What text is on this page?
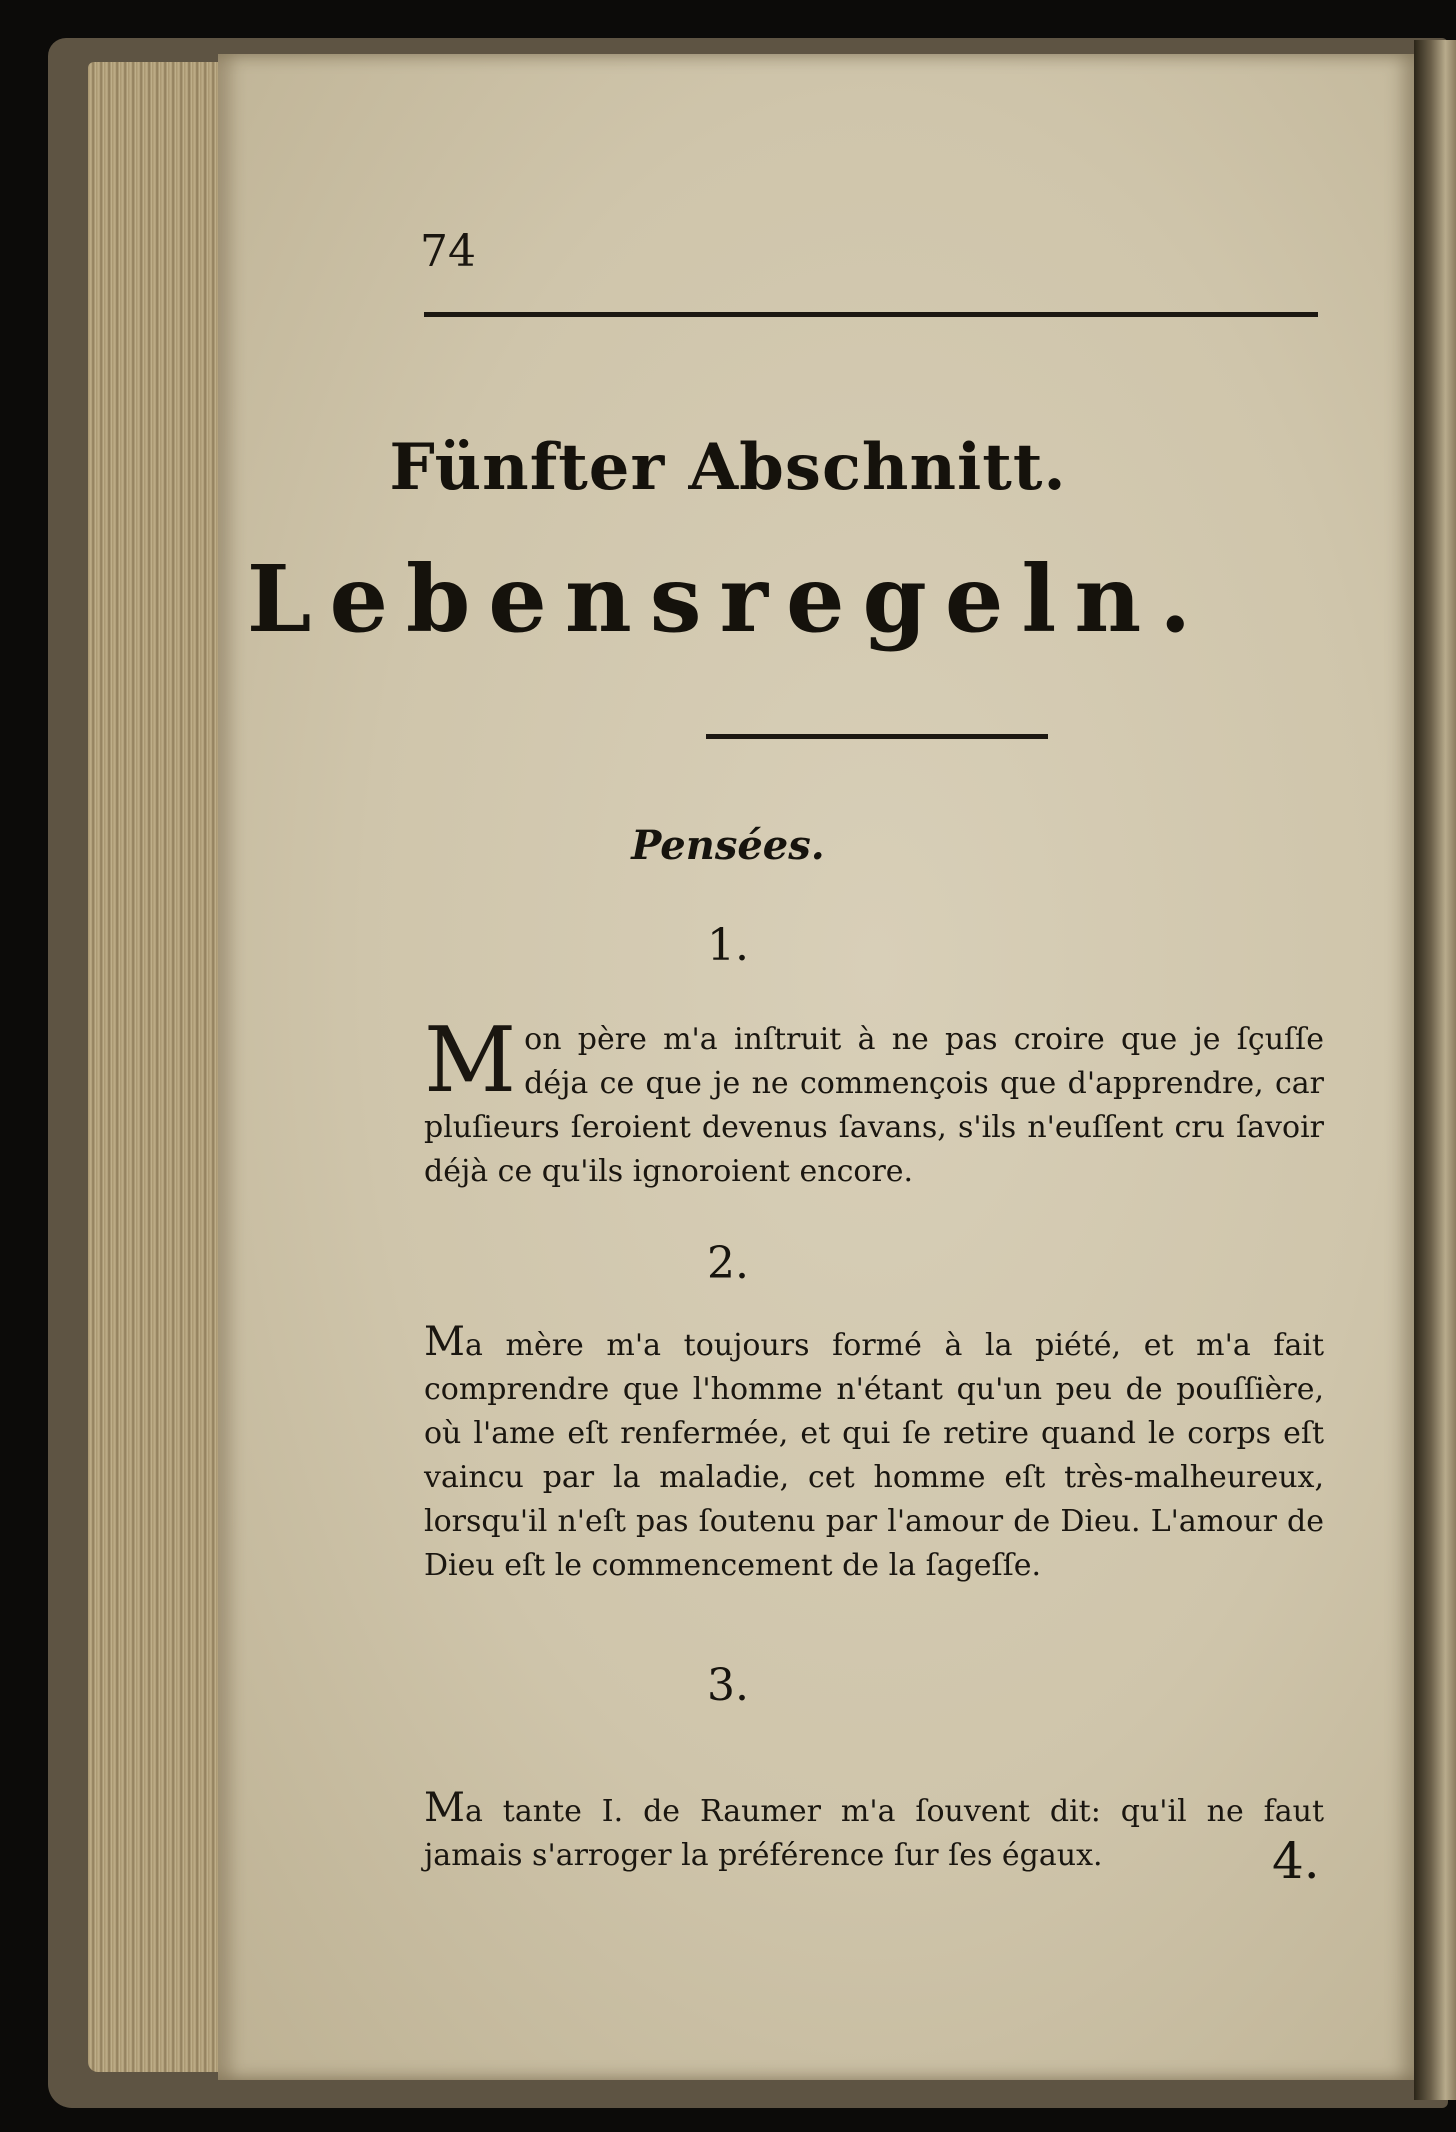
74
Fünfter Abschnitt.
Lebensregeln.
Pensées.
1.
Mon père m'a inſtruit à ne pas croire que je ſçuſſe déja ce que je ne commençois que d'apprendre, car pluſieurs ſeroient devenus ſavans, s'ils n'euſſent cru ſavoir déjà ce qu'ils ignoroient encore.
2.
Ma mère m'a toujours formé à la piété, et m'a fait comprendre que l'homme n'étant qu'un peu de pouſſière, où l'ame eſt renfermée, et qui ſe retire quand le corps eſt vaincu par la maladie, cet homme eſt très-malheureux, lorsqu'il n'eſt pas ſoutenu par l'amour de Dieu. L'amour de Dieu eſt le commencement de la ſageſſe.
3.
Ma tante I. de Raumer m'a ſouvent dit: qu'il ne faut jamais s'arroger la préférence ſur ſes égaux.	4.
